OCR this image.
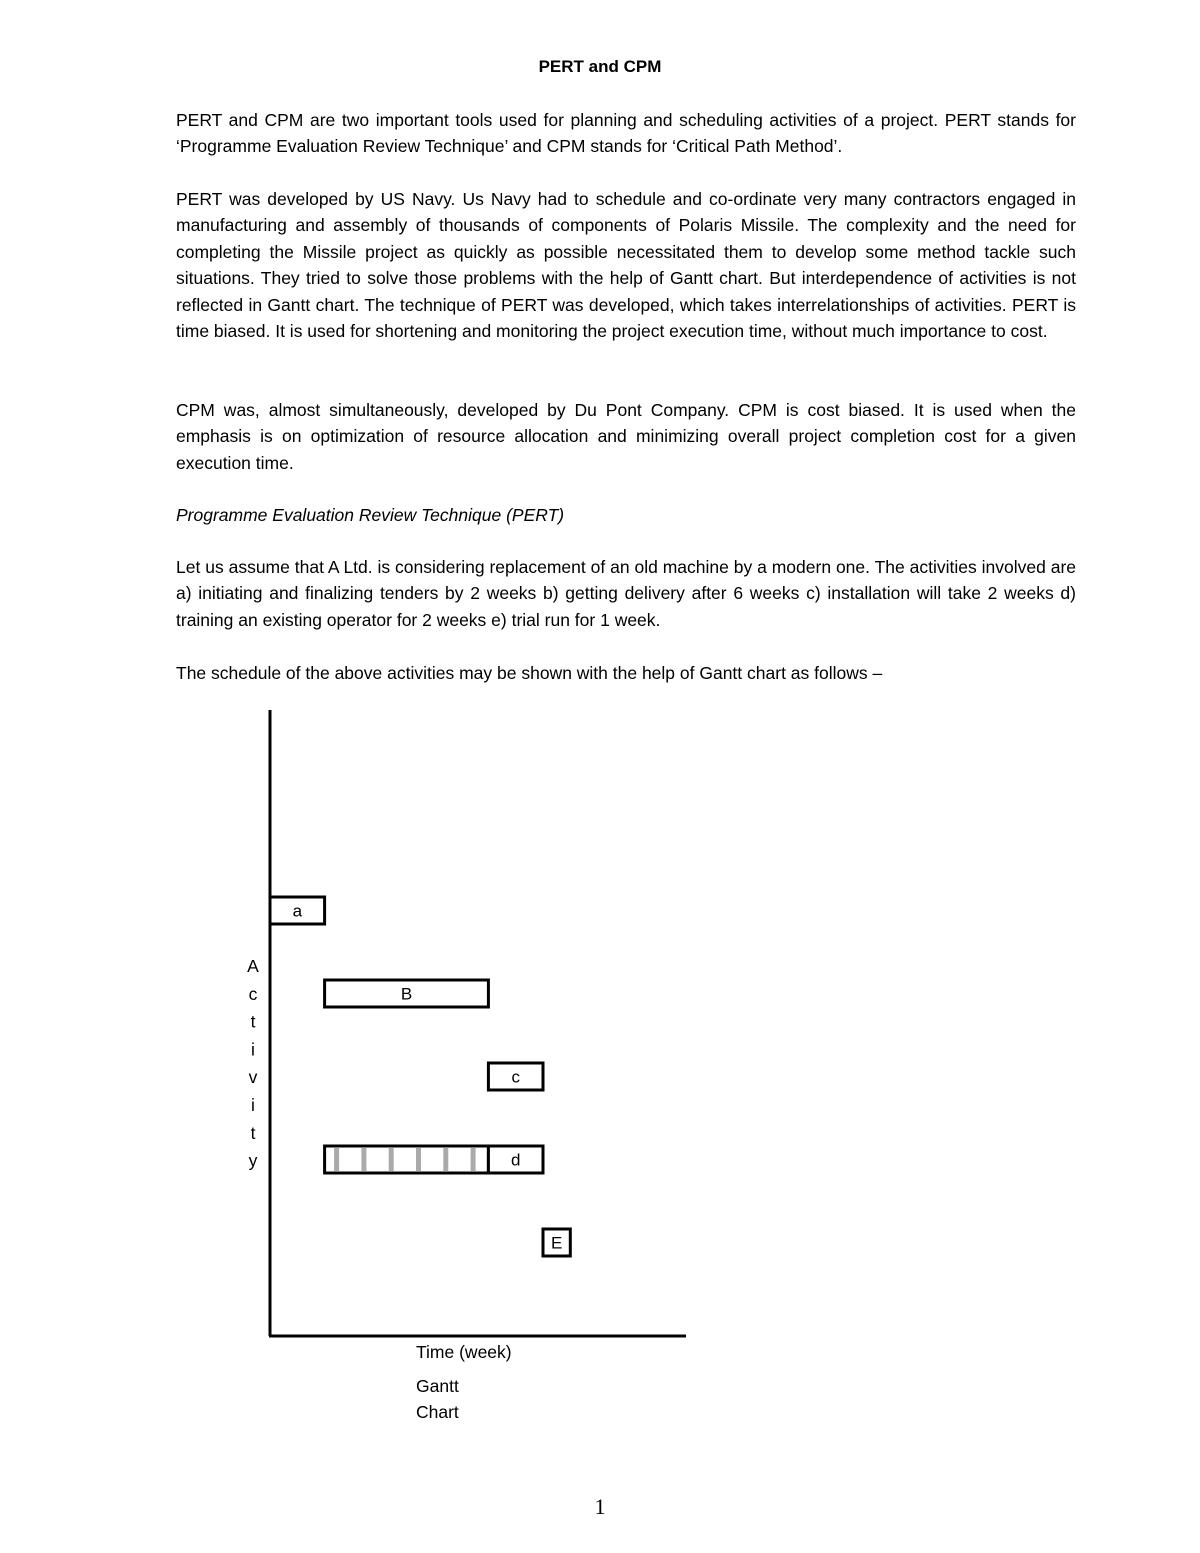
PERT and CPM

PERT and CPM are two important tools used for planning and scheduling activities of a project. PERT stands for ‘Programme Evaluation Review Technique’ and CPM stands for ‘Critical Path Method’.

PERT was developed by US Navy. Us Navy had to schedule and co-ordinate very many contractors engaged in manufacturing and assembly of thousands of components of Polaris Missile. The complexity and the need for completing the Missile project as quickly as possible necessitated them to develop some method tackle such situations. They tried to solve those problems with the help of Gantt chart. But interdependence of activities is not reflected in Gantt chart. The technique of PERT was developed, which takes interrelationships of activities. PERT is time biased. It is used for shortening and monitoring the project execution time, without much importance to cost.

CPM was, almost simultaneously, developed by Du Pont Company. CPM is cost biased. It is used when the emphasis is on optimization of resource allocation and minimizing overall project completion cost for a given execution time.

Programme Evaluation Review Technique (PERT)

Let us assume that A Ltd. is considering replacement of an old machine by a modern one. The activities involved are a) initiating and finalizing tenders by 2 weeks b) getting delivery after 6 weeks c) installation will take 2 weeks d) training an existing operator for 2 weeks e) trial run for 1 week.

The schedule of the above activities may be shown with the help of Gantt chart as follows –

A
c
t
i
v
i
t
y
a
B
c
d
E
Time (week)
Gantt
Chart
1
